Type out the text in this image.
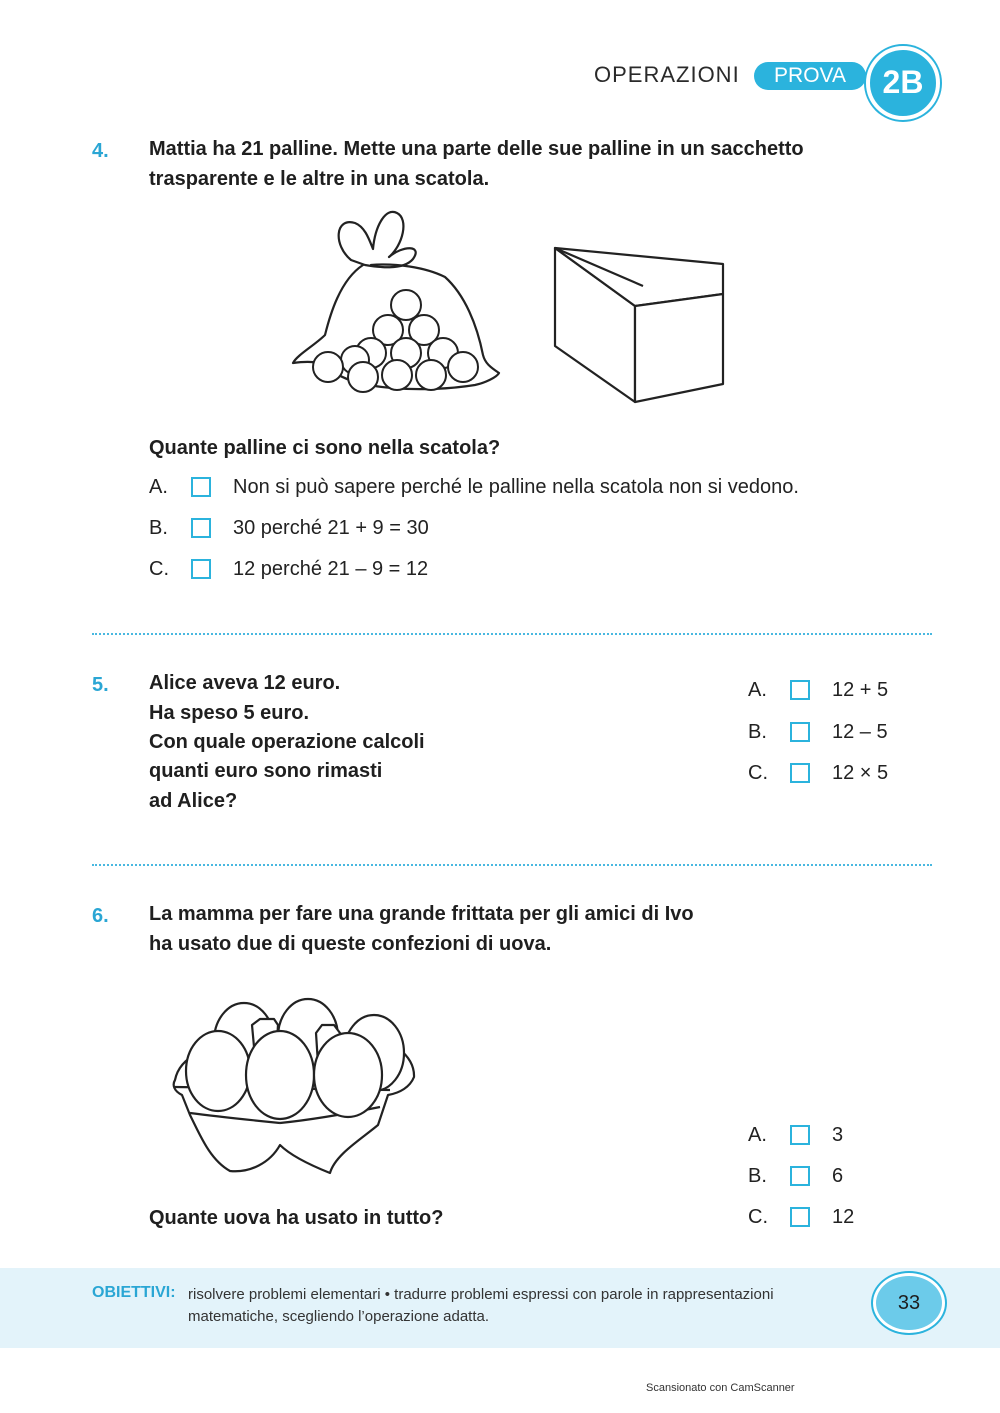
OPERAZIONI	PROVA	2B
4. Mattia ha 21 palline. Mette una parte delle sue palline in un sacchetto
trasparente e le altre in una scatola.
Quante palline ci sono nella scatola?
A.	Non si può sapere perché le palline nella scatola non si vedono.
B.	30 perché 21 + 9 = 30
C.	12 perché 21 – 9 = 12
5. Alice aveva 12 euro.
Ha speso 5 euro.
Con quale operazione calcoli
quanti euro sono rimasti
ad Alice?
A.	12 + 5
B.	12 – 5
C.	12 × 5
6. La mamma per fare una grande frittata per gli amici di Ivo
ha usato due di queste confezioni di uova.
Quante uova ha usato in tutto?
A.	3
B.	6
C.	12
OBIETTIVI: risolvere problemi elementari • tradurre problemi espressi con parole in rappresentazioni
matematiche, scegliendo l’operazione adatta.
33
Scansionato con CamScanner
